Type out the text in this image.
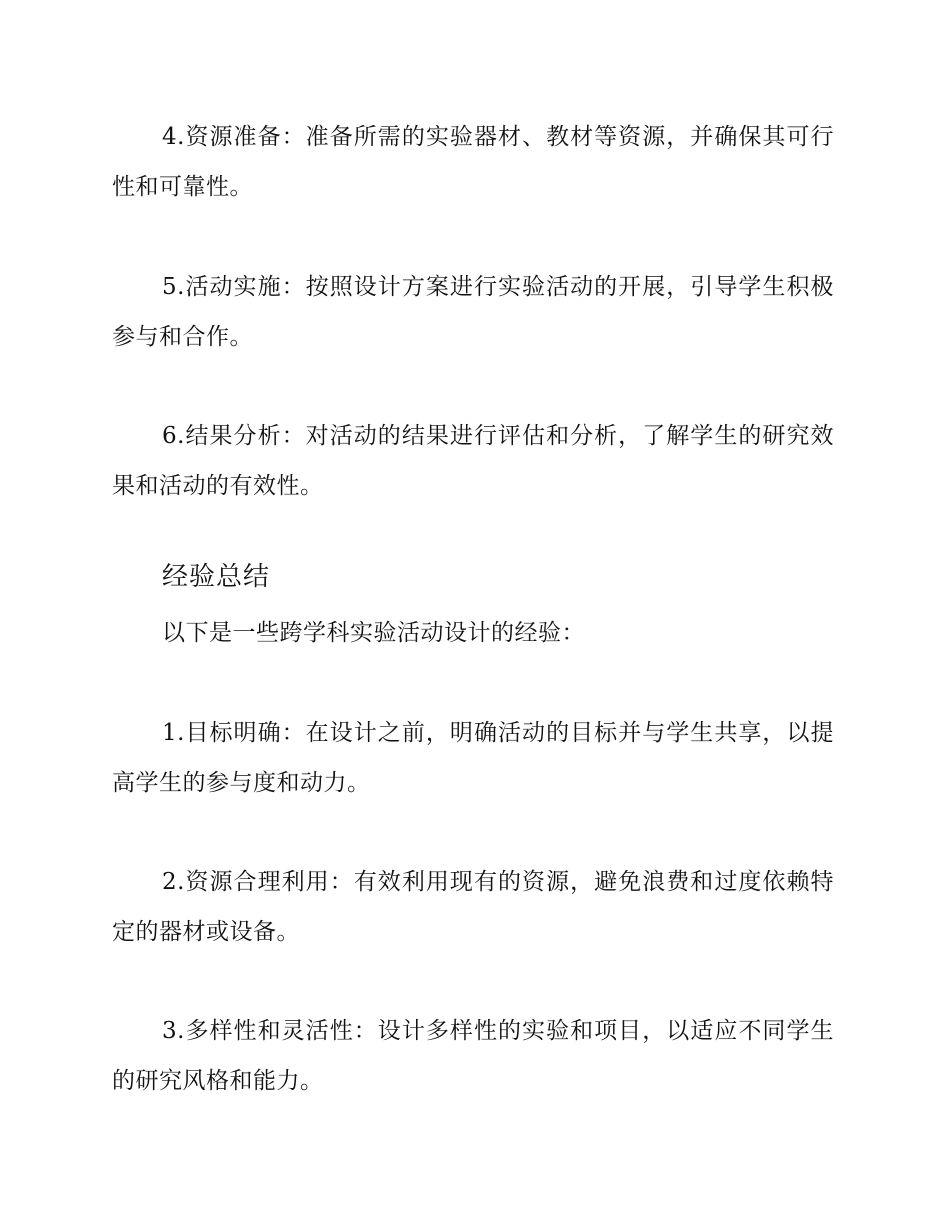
4.资源准备：准备所需的实验器材、教材等资源，并确保其可行性和可靠性。

5.活动实施：按照设计方案进行实验活动的开展，引导学生积极参与和合作。

6.结果分析：对活动的结果进行评估和分析，了解学生的研究效果和活动的有效性。

经验总结

以下是一些跨学科实验活动设计的经验：

1.目标明确：在设计之前，明确活动的目标并与学生共享，以提高学生的参与度和动力。

2.资源合理利用：有效利用现有的资源，避免浪费和过度依赖特定的器材或设备。

3.多样性和灵活性：设计多样性的实验和项目，以适应不同学生的研究风格和能力。
